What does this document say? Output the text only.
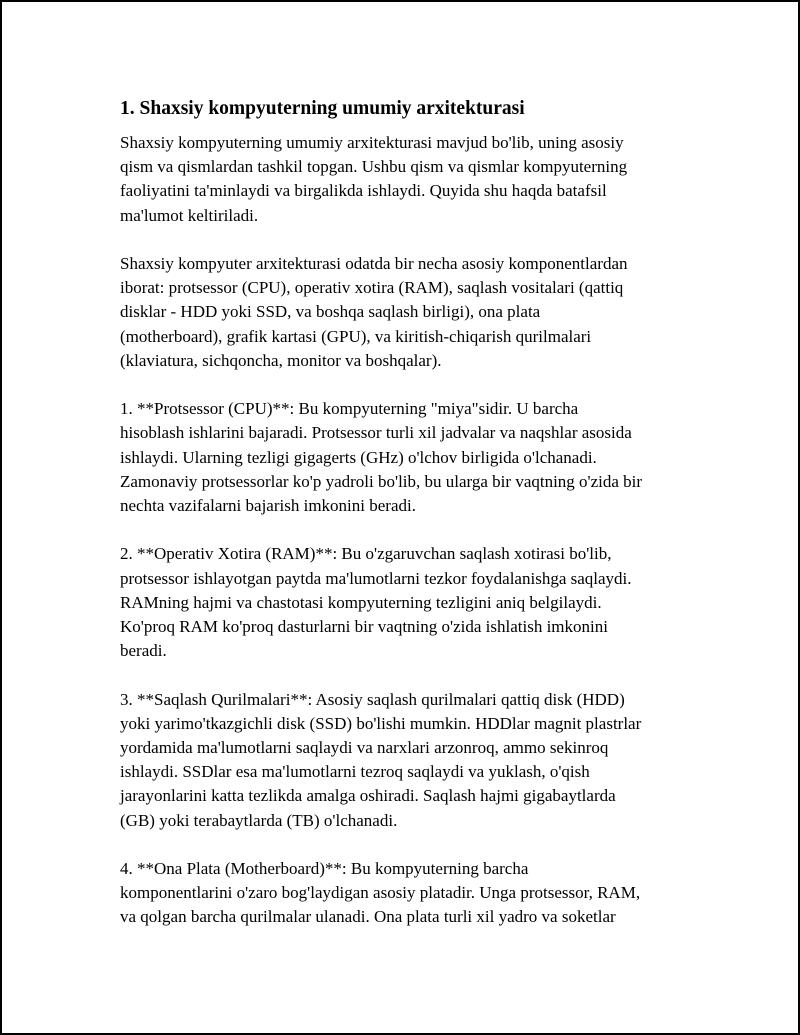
1. Shaxsiy kompyuterning umumiy arxitekturasi

Shaxsiy kompyuterning umumiy arxitekturasi mavjud bo'lib, uning asosiy
qism va qismlardan tashkil topgan. Ushbu qism va qismlar kompyuterning
faoliyatini ta'minlaydi va birgalikda ishlaydi. Quyida shu haqda batafsil
ma'lumot keltiriladi.

Shaxsiy kompyuter arxitekturasi odatda bir necha asosiy komponentlardan
iborat: protsessor (CPU), operativ xotira (RAM), saqlash vositalari (qattiq
disklar - HDD yoki SSD, va boshqa saqlash birligi), ona plata
(motherboard), grafik kartasi (GPU), va kiritish-chiqarish qurilmalari
(klaviatura, sichqoncha, monitor va boshqalar).

1. **Protsessor (CPU)**: Bu kompyuterning "miya"sidir. U barcha
hisoblash ishlarini bajaradi. Protsessor turli xil jadvalar va naqshlar asosida
ishlaydi. Ularning tezligi gigagerts (GHz) o'lchov birligida o'lchanadi.
Zamonaviy protsessorlar ko'p yadroli bo'lib, bu ularga bir vaqtning o'zida bir
nechta vazifalarni bajarish imkonini beradi.

2. **Operativ Xotira (RAM)**: Bu o'zgaruvchan saqlash xotirasi bo'lib,
protsessor ishlayotgan paytda ma'lumotlarni tezkor foydalanishga saqlaydi.
RAMning hajmi va chastotasi kompyuterning tezligini aniq belgilaydi.
Ko'proq RAM ko'proq dasturlarni bir vaqtning o'zida ishlatish imkonini
beradi.

3. **Saqlash Qurilmalari**: Asosiy saqlash qurilmalari qattiq disk (HDD)
yoki yarimo'tkazgichli disk (SSD) bo'lishi mumkin. HDDlar magnit plastrlar
yordamida ma'lumotlarni saqlaydi va narxlari arzonroq, ammo sekinroq
ishlaydi. SSDlar esa ma'lumotlarni tezroq saqlaydi va yuklash, o'qish
jarayonlarini katta tezlikda amalga oshiradi. Saqlash hajmi gigabaytlarda
(GB) yoki terabaytlarda (TB) o'lchanadi.

4. **Ona Plata (Motherboard)**: Bu kompyuterning barcha
komponentlarini o'zaro bog'laydigan asosiy platadir. Unga protsessor, RAM,
va qolgan barcha qurilmalar ulanadi. Ona plata turli xil yadro va soketlar
